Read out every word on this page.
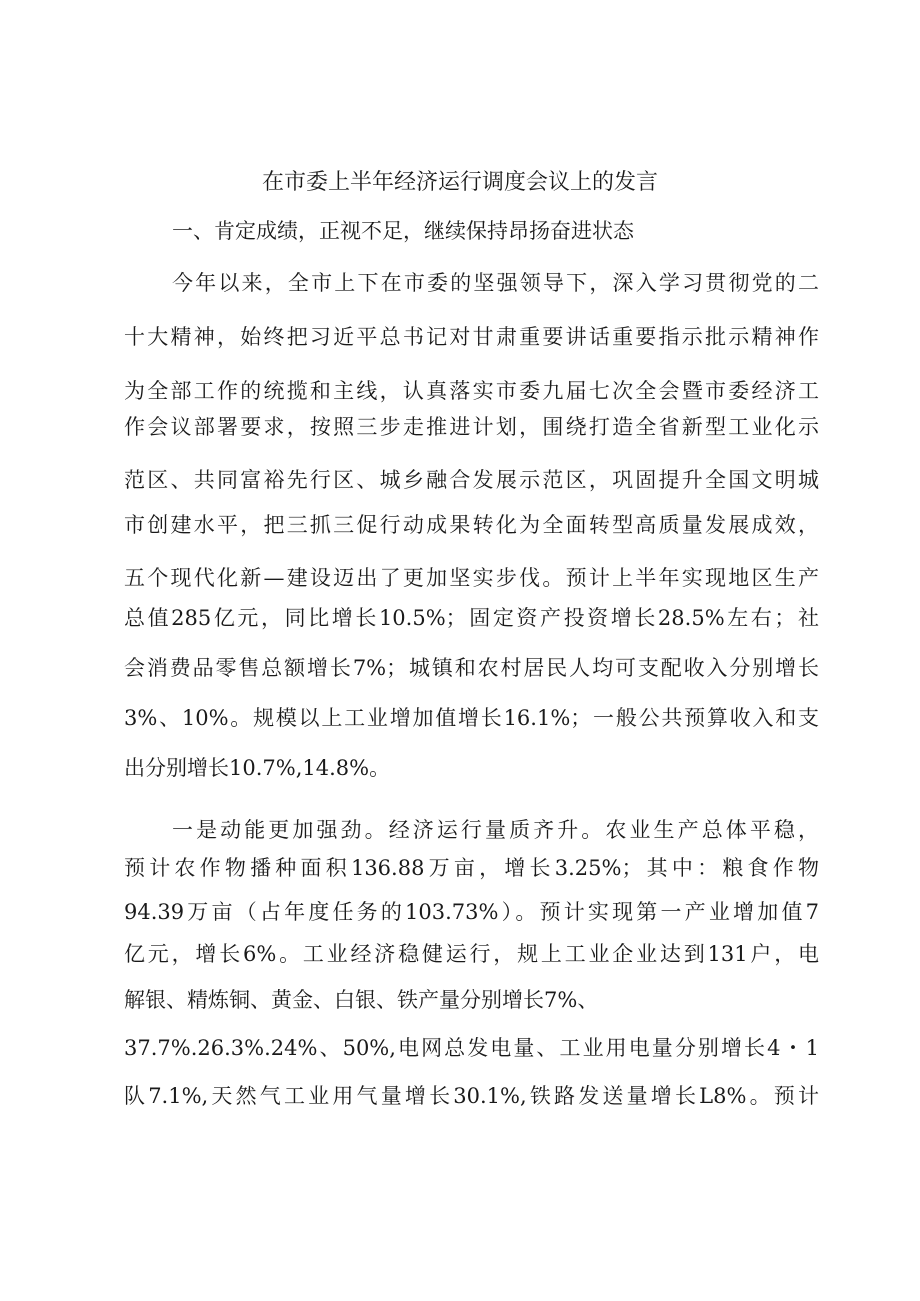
在市委上半年经济运行调度会议上的发言
一、肯定成绩，正视不足，继续保持昂扬奋进状态
今年以来，全市上下在市委的坚强领导下，深入学习贯彻党的二
十大精神，始终把习近平总书记对甘肃重要讲话重要指示批示精神作
为全部工作的统揽和主线，认真落实市委九届七次全会暨市委经济工
作会议部署要求，按照三步走推进计划，围绕打造全省新型工业化示
范区、共同富裕先行区、城乡融合发展示范区，巩固提升全国文明城
市创建水平，把三抓三促行动成果转化为全面转型高质量发展成效，
五个现代化新—建设迈出了更加坚实步伐。预计上半年实现地区生产
总值285亿元，同比增长10.5%；固定资产投资增长28.5%左右；社
会消费品零售总额增长7%；城镇和农村居民人均可支配收入分别增长
3%、10%。规模以上工业增加值增长16.1%；一般公共预算收入和支
出分别增长10.7%,14.8%。
一是动能更加强劲。经济运行量质齐升。农业生产总体平稳，
预计农作物播种面积136.88万亩，增长3.25%；其中：粮食作物
94.39万亩（占年度任务的103.73%）。预计实现第一产业增加值7
亿元，增长6%。工业经济稳健运行，规上工业企业达到131户，电
解银、精炼铜、黄金、白银、铁产量分别增长7%、
37.7%.26.3%.24%、50%,电网总发电量、工业用电量分别增长4・1
队7.1%,天然气工业用气量增长30.1%,铁路发送量增长L8%。预计
